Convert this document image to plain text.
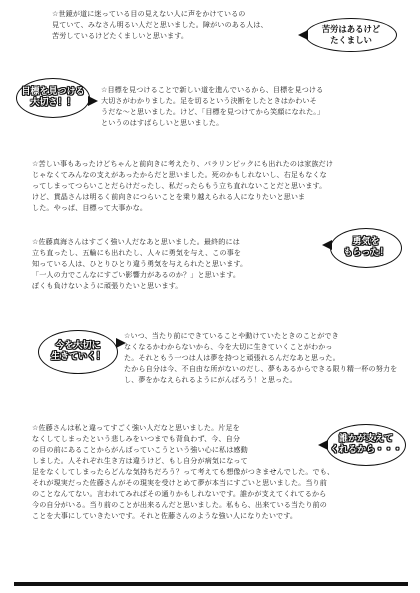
☆世鏡が道に迷っている目の見えない人に声をかけているの
見ていて、みなさん明るい人だと思いました。障がいのある人は、
苦労しているけどたくましいと思います。
苦労はあるけど
たくましい
目標を見つける
大切さ！！
☆目標を見つけることで新しい道を進んでいるから、目標を見つける
大切さがわかりました。足を切るという決断をしたときはかわいそ
うだな～と思いました。けど、「目標を見つけてから笑顔になれた。」
というのはすばらしいと思いました。
☆苦しい事もあったけどちゃんと前向きに考えたり、パラリンピックにも出れたのは家族だけ
じゃなくてみんなの支えがあったからだと思いました。死のかもしれないし、右足もなくな
ってしまってつらいことだらけだったし、私だったらもう立ち直れないことだと思います。
けど、貫晶さんは明るく前向きにつらいことを乗り越えられる人になりたいと思いま
した。やっぱ、目標って大事かな。
☆佐藤真海さんはすごく強い人だなあと思いました。最終的には
立ち直ったし、五輪にも出れたし、人々に勇気を与え、この事を
知っている人は、ひとりひとり違う勇気を与えられたと思います。
「一人の力でこんなにすごい影響力があるのか？」と思います。
ぼくも負けないように頑張りたいと思います。
勇気を
もらった！
今を大切に
生きていく！
☆いつ、当たり前にできていることや動けていたときのことができ
なくなるかわからないから、今を大切に生きていくことがわかっ
た。それともう一つは人は夢を持つと頑張れるんだなあと思った。
たから自分は今、不自由な所がないのだし、夢もあるからできる限り精一杯の努力を
し、夢をかなえられるようにがんばろう！と思った。
☆佐藤さんは私と違ってすごく強い人だなと思いました。片足を
なくしてしまったという悲しみをいつまでも背負わず、今、自分
の目の前にあることからがんばっていこうという強い心に私は感動
しました。人それぞれ生き方は違うけど、もし自分が病気になって
足をなくしてしまったらどんな気持ちだろう？って考えても想像がつきませんでした。でも、
それが現実だった佐藤さんがその現実を受けとめて夢が本当にすごいと思いました。当り前
のことなんてない。言われてみればその通りかもしれないです。誰かが支えてくれてるから
今の自分がいる。当り前のことが出来るんだと思いました。私もら、出来ている当たり前の
ことを大事にしていきたいです。それと佐藤さんのような強い人になりたいです。
誰かが支えて
くれるから・・・
